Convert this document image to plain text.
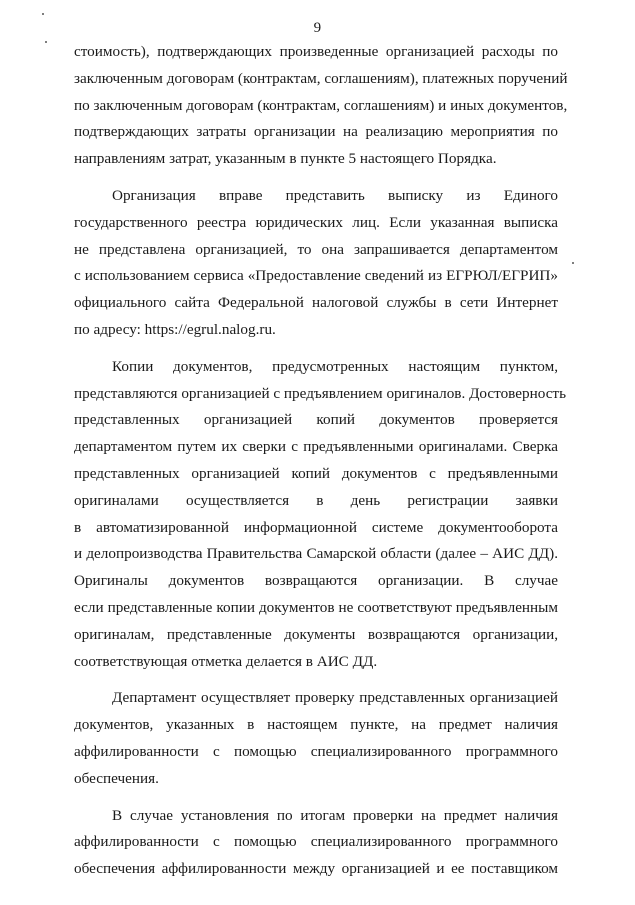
9
стоимость), подтверждающих произведенные организацией расходы по
заключенным договорам (контрактам, соглашениям), платежных поручений
по заключенным договорам (контрактам, соглашениям) и иных документов,
подтверждающих затраты организации на реализацию мероприятия по
направлениям затрат, указанным в пункте 5 настоящего Порядка.
Организация вправе представить выписку из Единого
государственного реестра юридических лиц. Если указанная выписка
не представлена организацией, то она запрашивается департаментом
с использованием сервиса «Предоставление сведений из ЕГРЮЛ/ЕГРИП»
официального сайта Федеральной налоговой службы в сети Интернет
по адресу: https://egrul.nalog.ru.
Копии документов, предусмотренных настоящим пунктом,
представляются организацией с предъявлением оригиналов. Достоверность
представленных организацией копий документов проверяется
департаментом путем их сверки с предъявленными оригиналами. Сверка
представленных организацией копий документов с предъявленными
оригиналами осуществляется в день регистрации заявки
в автоматизированной информационной системе документооборота
и делопроизводства Правительства Самарской области (далее – АИС ДД).
Оригиналы документов возвращаются организации. В случае
если представленные копии документов не соответствуют предъявленным
оригиналам, представленные документы возвращаются организации,
соответствующая отметка делается в АИС ДД.
Департамент осуществляет проверку представленных организацией
документов, указанных в настоящем пункте, на предмет наличия
аффилированности с помощью специализированного программного
обеспечения.
В случае установления по итогам проверки на предмет наличия
аффилированности с помощью специализированного программного
обеспечения аффилированности между организацией и ее поставщиком
